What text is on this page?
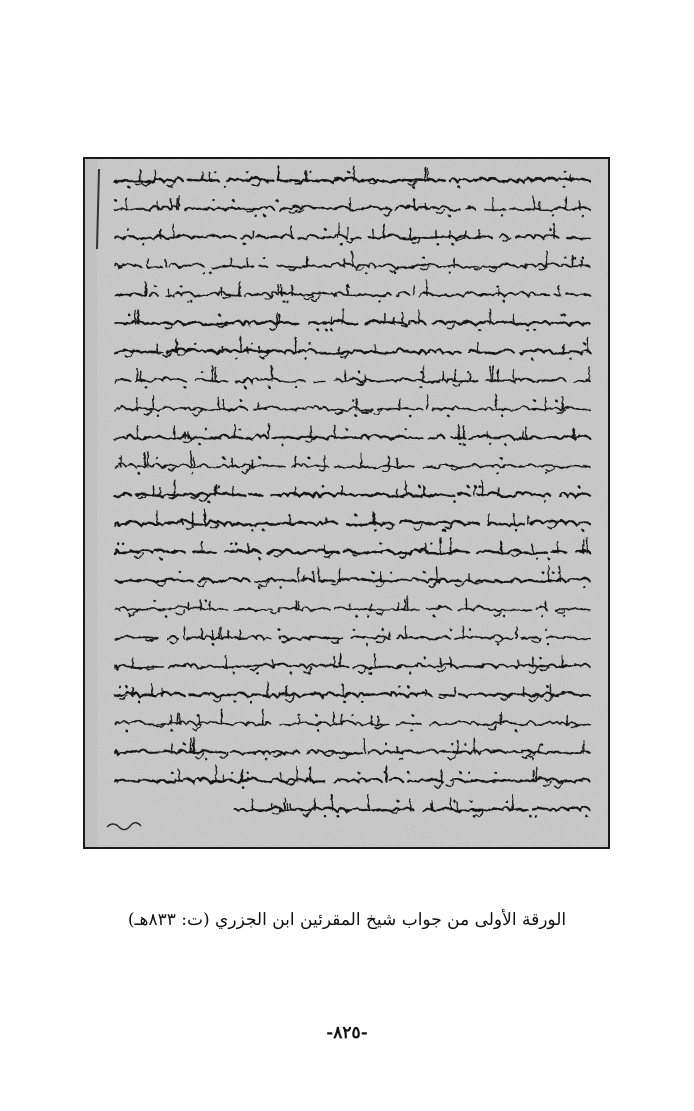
الورقة الأولى من جواب شيخ المقرئين ابن الجزري (ت: ٨٣٣هـ)
-٨٢٥-
